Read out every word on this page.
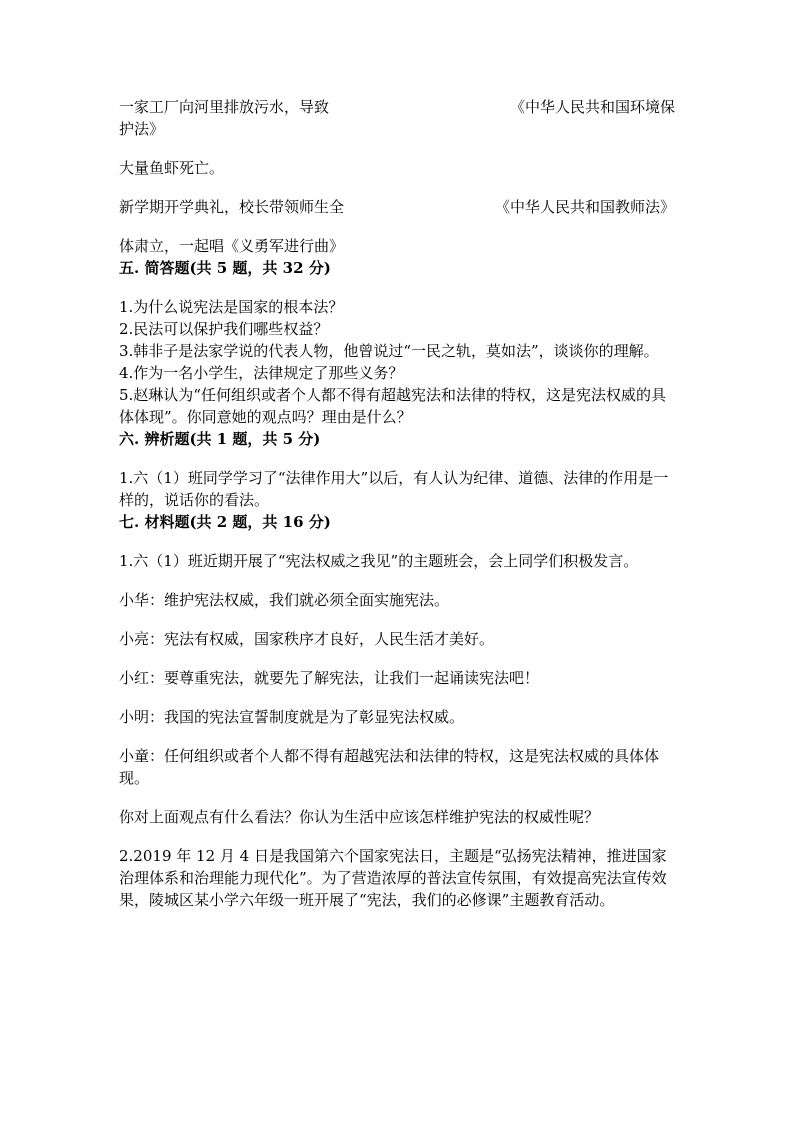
一家工厂向河里排放污水，导致	《中华人民共和国环境保
护法》
大量鱼虾死亡。
新学期开学典礼，校长带领师生全	《中华人民共和国教师法》
体肃立，一起唱《义勇军进行曲》
五. 简答题(共 5 题，共 32 分)
1.为什么说宪法是国家的根本法？
2.民法可以保护我们哪些权益？
3.韩非子是法家学说的代表人物，他曾说过“一民之轨，莫如法”，谈谈你的理解。
4.作为一名小学生，法律规定了那些义务？
5.赵琳认为“任何组织或者个人都不得有超越宪法和法律的特权，这是宪法权威的具体体现”。你同意她的观点吗？理由是什么？
六. 辨析题(共 1 题，共 5 分)
1.六（1）班同学学习了“法律作用大”以后，有人认为纪律、道德、法律的作用是一样的，说话你的看法。
七. 材料题(共 2 题，共 16 分)
1.六（1）班近期开展了“宪法权威之我见”的主题班会，会上同学们积极发言。
小华：维护宪法权威，我们就必须全面实施宪法。
小亮：宪法有权威，国家秩序才良好，人民生活才美好。
小红：要尊重宪法，就要先了解宪法，让我们一起诵读宪法吧！
小明：我国的宪法宣誓制度就是为了彰显宪法权威。
小童：任何组织或者个人都不得有超越宪法和法律的特权，这是宪法权威的具体体现。
你对上面观点有什么看法？你认为生活中应该怎样维护宪法的权威性呢？
2.2019 年 12 月 4 日是我国第六个国家宪法日，主题是“弘扬宪法精神，推进国家治理体系和治理能力现代化”。为了营造浓厚的普法宣传氛围，有效提高宪法宣传效果，陵城区某小学六年级一班开展了“宪法，我们的必修课”主题教育活动。
